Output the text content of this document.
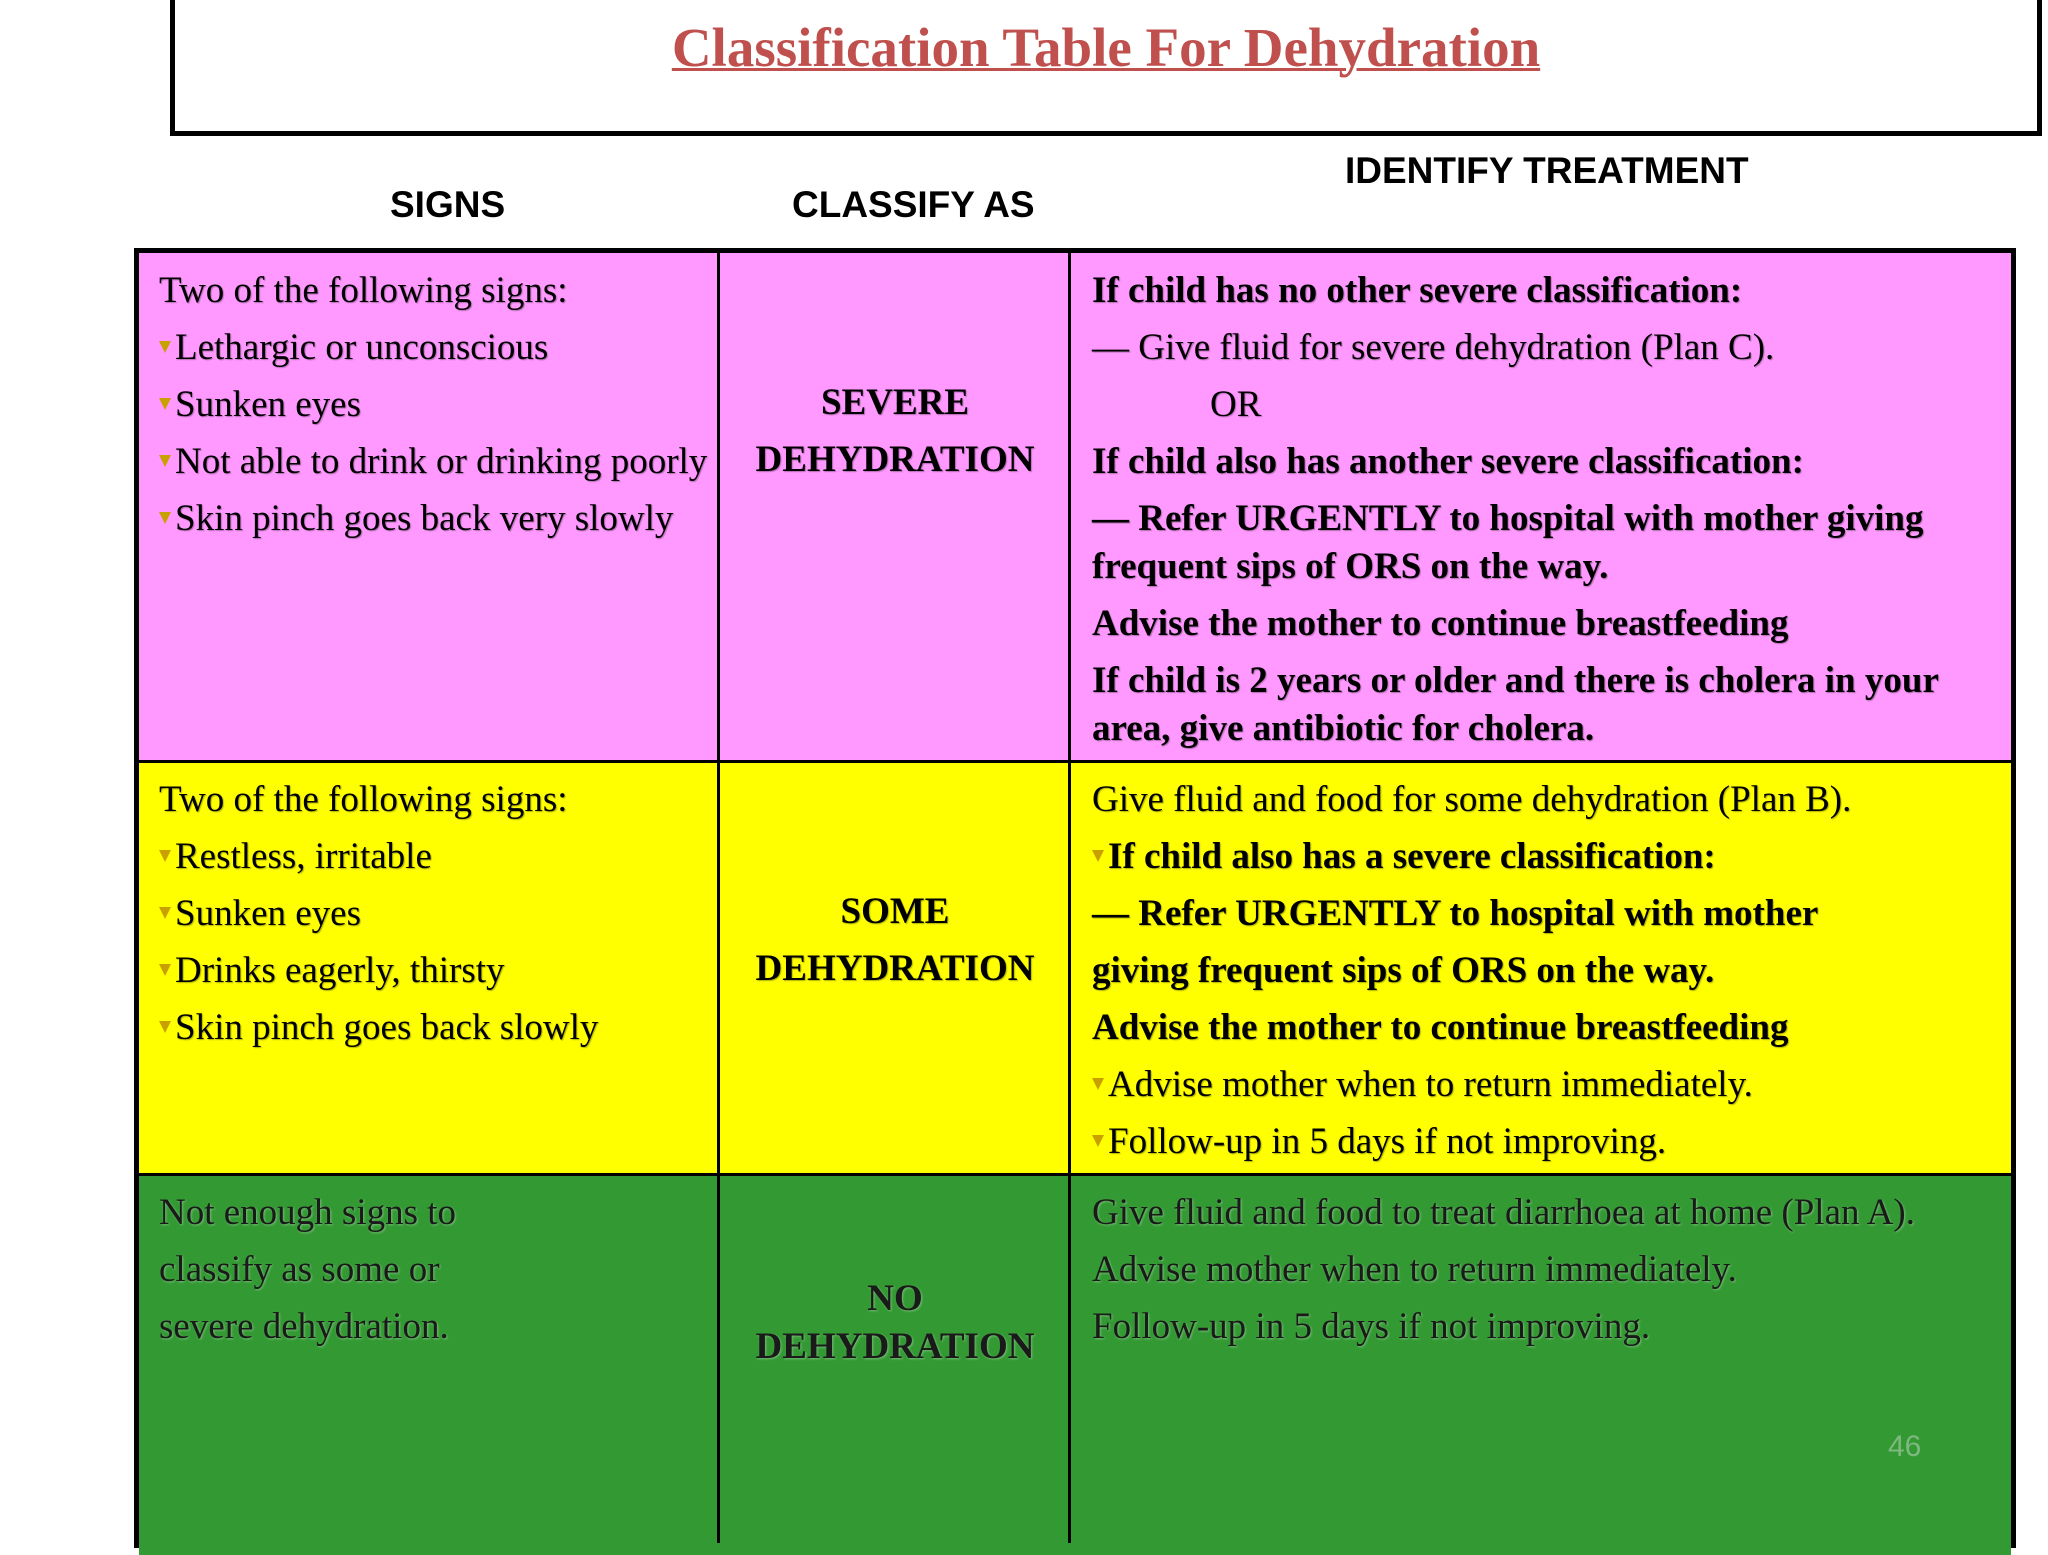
Classification Table For Dehydration
SIGNS	CLASSIFY AS
IDENTIFY TREATMENT
Two of the following signs:
Lethargic or unconscious
Sunken eyes
Not able to drink or drinking poorly
Skin pinch goes back very slowly
SEVERE
DEHYDRATION
If child has no other severe classification:
— Give fluid for severe dehydration (Plan C).
OR
If child also has another severe classification:
— Refer URGENTLY to hospital with mother giving frequent sips of ORS on the way.
Advise the mother to continue breastfeeding
If child is 2 years or older and there is cholera in your area, give antibiotic for cholera.
Two of the following signs:
Restless, irritable
Sunken eyes
Drinks eagerly, thirsty
Skin pinch goes back slowly
SOME
DEHYDRATION
Give fluid and food for some dehydration (Plan B).
If child also has a severe classification:
— Refer URGENTLY to hospital with mother
giving frequent sips of ORS on the way.
Advise the mother to continue breastfeeding
Advise mother when to return immediately.
Follow-up in 5 days if not improving.
Not enough signs to
classify as some or
severe dehydration.
NO
DEHYDRATION
Give fluid and food to treat diarrhoea at home (Plan A).
Advise mother when to return immediately.
Follow-up in 5 days if not improving.
46
